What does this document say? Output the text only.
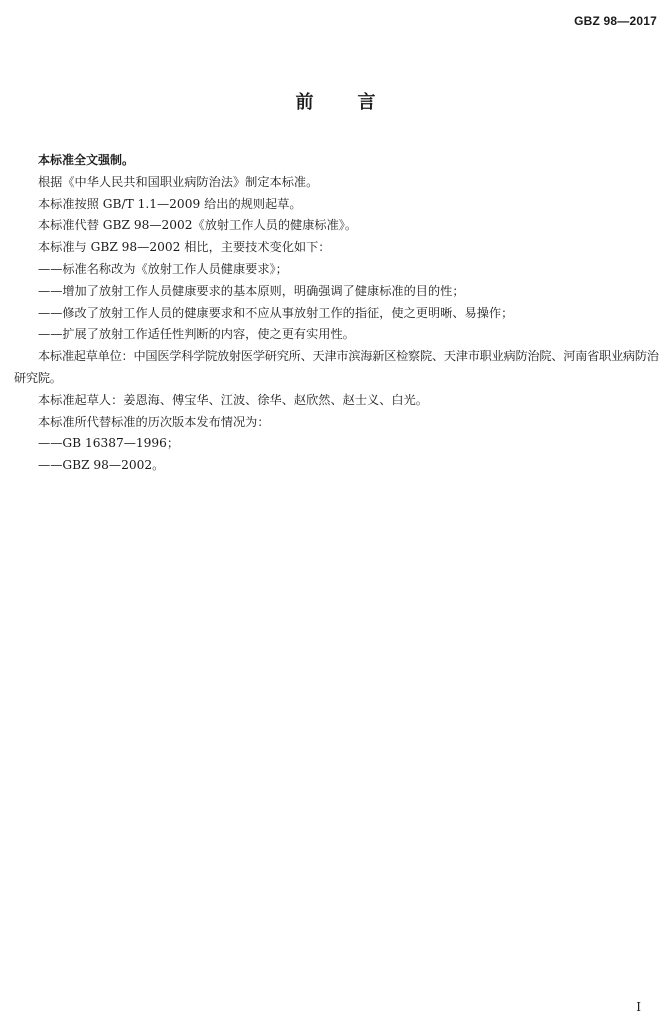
GBZ 98—2017
前言

本标准全文强制。

根据《中华人民共和国职业病防治法》制定本标准。

本标准按照 GB/T 1.1—2009 给出的规则起草。

本标准代替 GBZ 98—2002《放射工作人员的健康标准》。

本标准与 GBZ 98—2002 相比，主要技术变化如下：

——标准名称改为《放射工作人员健康要求》；

——增加了放射工作人员健康要求的基本原则，明确强调了健康标准的目的性；

——修改了放射工作人员的健康要求和不应从事放射工作的指征，使之更明晰、易操作；

——扩展了放射工作适任性判断的内容，使之更有实用性。

本标准起草单位：中国医学科学院放射医学研究所、天津市滨海新区检察院、天津市职业病防治院、河南省职业病防治研究院。

本标准起草人：姜恩海、傅宝华、江波、徐华、赵欣然、赵士义、白光。

本标准所代替标准的历次版本发布情况为：

——GB 16387—1996；

——GBZ 98—2002。

I
